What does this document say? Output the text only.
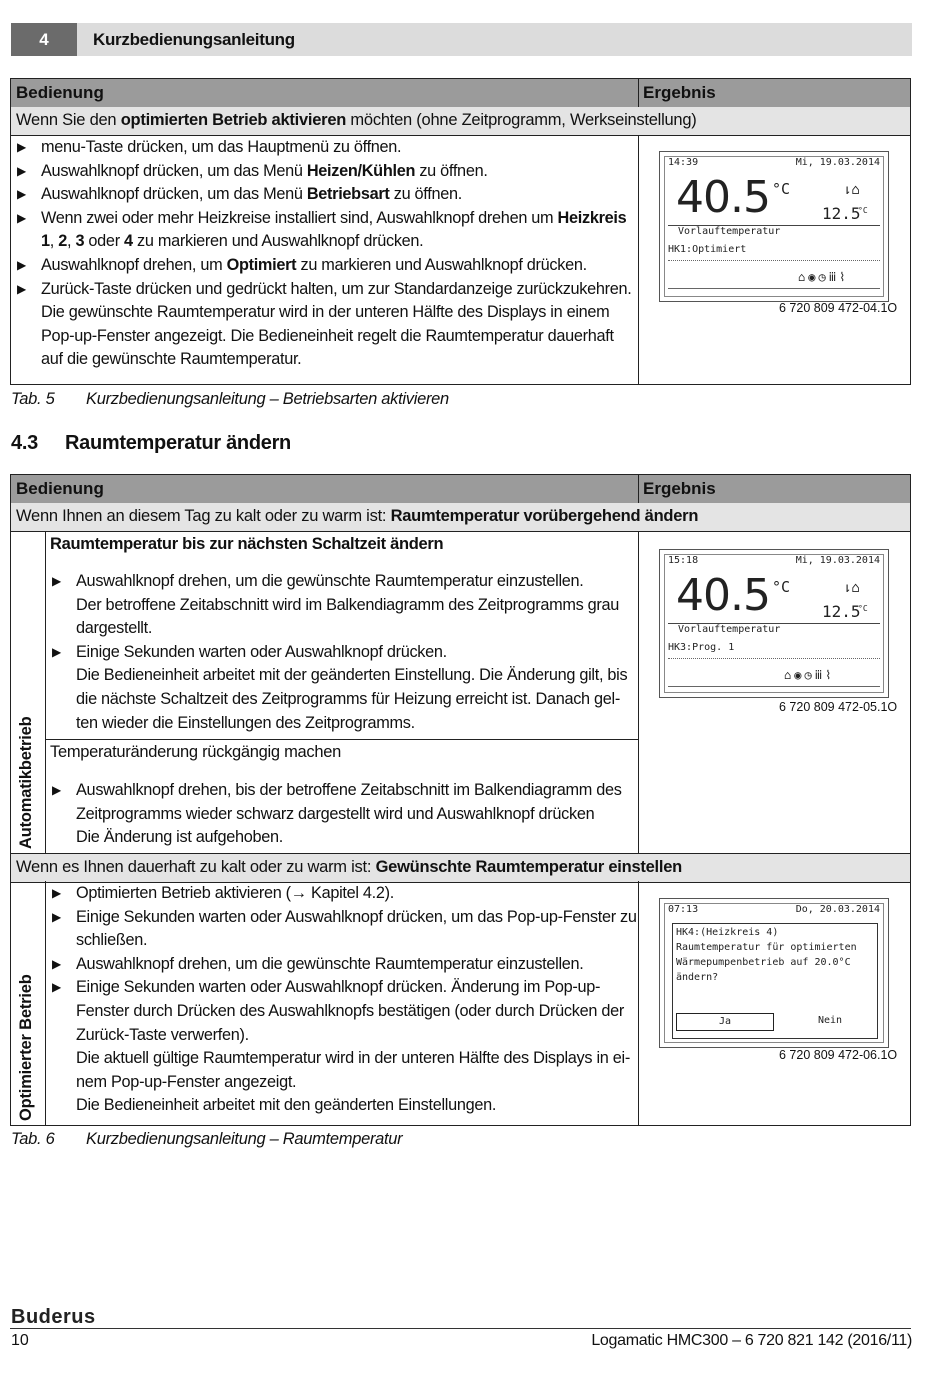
4	Kurzbedienungsanleitung
Bedienung	Ergebnis
Wenn Sie den optimierten Betrieb aktivieren möchten (ohne Zeitprogramm, Werkseinstellung)
▶ menu-Taste drücken, um das Hauptmenü zu öffnen.
▶ Auswahlknopf drücken, um das Menü Heizen/Kühlen zu öffnen.
▶ Auswahlknopf drücken, um das Menü Betriebsart zu öffnen.
▶ Wenn zwei oder mehr Heizkreise installiert sind, Auswahlknopf drehen um Heizkreis
1, 2, 3 oder 4 zu markieren und Auswahlknopf drücken.
▶ Auswahlknopf drehen, um Optimiert zu markieren und Auswahlknopf drücken.
▶ Zurück-Taste drücken und gedrückt halten, um zur Standardanzeige zurückzukehren.
Die gewünschte Raumtemperatur wird in der unteren Hälfte des Displays in einem
Pop-up-Fenster angezeigt. Die Bedieneinheit regelt die Raumtemperatur dauerhaft
auf die gewünschte Raumtemperatur.
14:39	Mi, 19.03.2014
40.5 °C	⇂⌂
12.5
°C
Vorlauftemperatur
HK1:Optimiert
⌂◉◷ⅲ⌇
6 720 809 472-04.1O
Tab. 5 Kurzbedienungsanleitung – Betriebsarten aktivieren
4.3 Raumtemperatur ändern
Bedienung	Ergebnis
Wenn Ihnen an diesem Tag zu kalt oder zu warm ist: Raumtemperatur vorübergehend ändern
Automatikbetrieb
Raumtemperatur bis zur nächsten Schaltzeit ändern
▶ Auswahlknopf drehen, um die gewünschte Raumtemperatur einzustellen.
Der betroffene Zeitabschnitt wird im Balkendiagramm des Zeitprogramms grau
dargestellt.
▶ Einige Sekunden warten oder Auswahlknopf drücken.
Die Bedieneinheit arbeitet mit der geänderten Einstellung. Die Änderung gilt, bis
die nächste Schaltzeit des Zeitprogramms für Heizung erreicht ist. Danach gel-
ten wieder die Einstellungen des Zeitprogramms.
Temperaturänderung rückgängig machen
▶ Auswahlknopf drehen, bis der betroffene Zeitabschnitt im Balkendiagramm des
Zeitprogramms wieder schwarz dargestellt wird und Auswahlknopf drücken
Die Änderung ist aufgehoben.
15:18	Mi, 19.03.2014
40.5 °C	⇂⌂
12.5
°C
Vorlauftemperatur
HK3:Prog. 1
⌂◉◷ⅲ⌇
6 720 809 472-05.1O
Wenn es Ihnen dauerhaft zu kalt oder zu warm ist: Gewünschte Raumtemperatur einstellen
Optimierter Betrieb
▶ Optimierten Betrieb aktivieren (→ Kapitel 4.2).
▶ Einige Sekunden warten oder Auswahlknopf drücken, um das Pop-up-Fenster zu
schließen.
▶ Auswahlknopf drehen, um die gewünschte Raumtemperatur einzustellen.
▶ Einige Sekunden warten oder Auswahlknopf drücken. Änderung im Pop-up-
Fenster durch Drücken des Auswahlknopfs bestätigen (oder durch Drücken der
Zurück-Taste verwerfen).
Die aktuell gültige Raumtemperatur wird in der unteren Hälfte des Displays in ei-
nem Pop-up-Fenster angezeigt.
Die Bedieneinheit arbeitet mit den geänderten Einstellungen.
07:13	Do, 20.03.2014
HK4:(Heizkreis 4)
Raumtemperatur für optimierten
Wärmepumpenbetrieb auf 20.0°C
ändern?
Ja	Nein
6 720 809 472-06.1O
Tab. 6 Kurzbedienungsanleitung – Raumtemperatur
Buderus
10	Logamatic HMC300 – 6 720 821 142 (2016/11)
